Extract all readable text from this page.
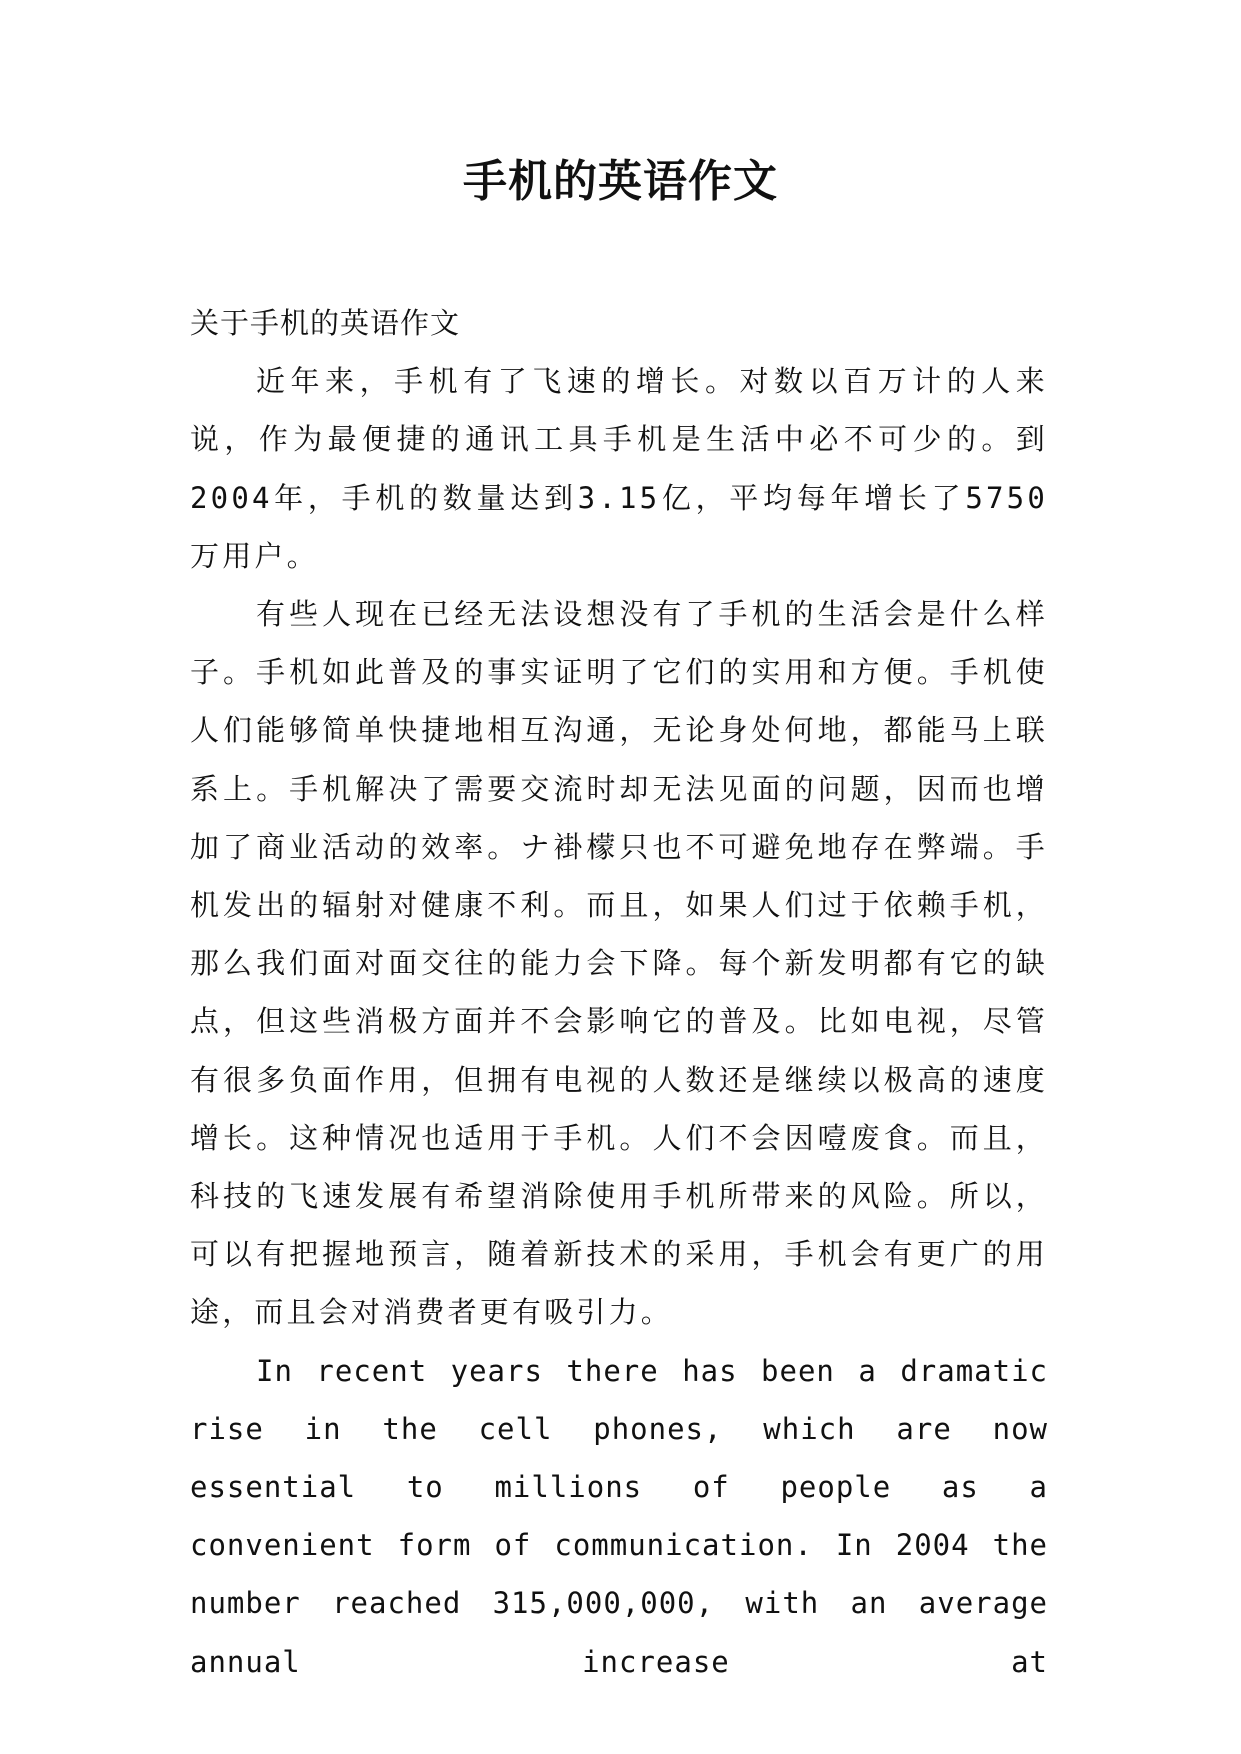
手机的英语作文

关于手机的英语作文

近年来，手机有了飞速的增长。对数以百万计的人来说，作为最便捷的通讯工具手机是生活中必不可少的。到2004年，手机的数量达到3.15亿，平均每年增长了5750万用户。

有些人现在已经无法设想没有了手机的生活会是什么样子。手机如此普及的事实证明了它们的实用和方便。手机使人们能够简单快捷地相互沟通，无论身处何地，都能马上联系上。手机解决了需要交流时却无法见面的问题，因而也增加了商业活动的效率。ナ褂檬只也不可避免地存在弊端。手机发出的辐射对健康不利。而且，如果人们过于依赖手机，那么我们面对面交往的能力会下降。每个新发明都有它的缺点，但这些消极方面并不会影响它的普及。比如电视，尽管有很多负面作用，但拥有电视的人数还是继续以极高的速度增长。这种情况也适用于手机。人们不会因噎废食。而且，科技的飞速发展有希望消除使用手机所带来的风险。所以，可以有把握地预言，随着新技术的采用，手机会有更广的用途，而且会对消费者更有吸引力。

In recent years there has been a dramatic rise in the cell phones, which are now essential to millions of people as a convenient form of communication. In 2004 the number reached 315,000,000, with an average annual increase at
